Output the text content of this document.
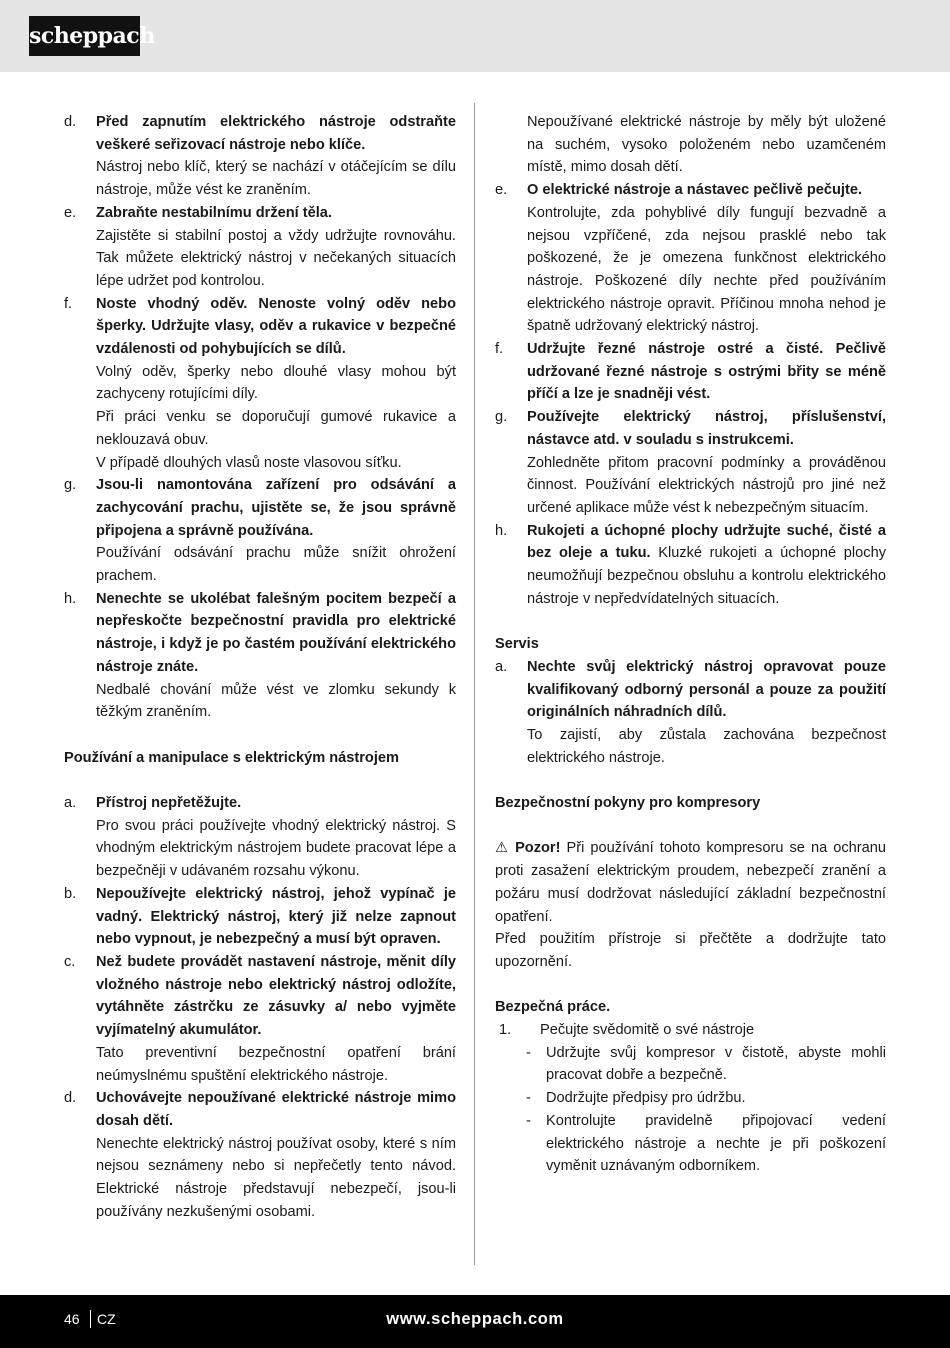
scheppach
d.	Před zapnutím elektrického nástroje odstraňte veškeré seřizovací nástroje nebo klíče.

Nástroj nebo klíč, který se nachází v otáčejícím se dílu nástroje, může vést ke zraněním.

e.	Zabraňte nestabilnímu držení těla.

Zajistěte si stabilní postoj a vždy udržujte rovnováhu. Tak můžete elektrický nástroj v nečekaných situacích lépe udržet pod kontrolou.

f.	Noste vhodný oděv. Nenoste volný oděv nebo šperky. Udržujte vlasy, oděv a rukavice v bezpečné vzdálenosti od pohybujících se dílů.

Volný oděv, šperky nebo dlouhé vlasy mohou být zachyceny rotujícími díly.

Při práci venku se doporučují gumové rukavice a neklouzavá obuv.

V případě dlouhých vlasů noste vlasovou síťku.

g.	Jsou-li namontována zařízení pro odsávání a zachycování prachu, ujistěte se, že jsou správně připojena a správně používána.

Používání odsávání prachu může snížit ohrožení prachem.

h.	Nenechte se ukolébat falešným pocitem bezpečí a nepřeskočte bezpečnostní pravidla pro elektrické nástroje, i když je po častém používání elektrického nástroje znáte.

Nedbalé chování může vést ve zlomku sekundy k těžkým zraněním.

Používání a manipulace s elektrickým nástrojem

a.	Přístroj nepřetěžujte.

Pro svou práci používejte vhodný elektrický nástroj. S vhodným elektrickým nástrojem budete pracovat lépe a bezpečněji v udávaném rozsahu výkonu.

b.	Nepoužívejte elektrický nástroj, jehož vypínač je vadný. Elektrický nástroj, který již nelze zapnout nebo vypnout, je nebezpečný a musí být opraven.

c.	Než budete provádět nastavení nástroje, měnit díly vložného nástroje nebo elektrický nástroj odložíte, vytáhněte zástrčku ze zásuvky a/ nebo vyjměte vyjímatelný akumulátor.

Tato preventivní bezpečnostní opatření brání neúmyslnému spuštění elektrického nástroje.

d.	Uchovávejte nepoužívané elektrické nástroje mimo dosah dětí.

Nenechte elektrický nástroj používat osoby, které s ním nejsou seznámeny nebo si nepřečetly tento návod. Elektrické nástroje představují nebezpečí, jsou-li používány nezkušenými osobami.

Nepoužívané elektrické nástroje by měly být uložené na suchém, vysoko položeném nebo uzamčeném místě, mimo dosah dětí.

e.	O elektrické nástroje a nástavec pečlivě pečujte.

Kontrolujte, zda pohyblivé díly fungují bezvadně a nejsou vzpříčené, zda nejsou prasklé nebo tak poškozené, že je omezena funkčnost elektrického nástroje. Poškozené díly nechte před používáním elektrického nástroje opravit. Příčinou mnoha nehod je špatně udržovaný elektrický nástroj.

f.	Udržujte řezné nástroje ostré a čisté. Pečlivě udržované řezné nástroje s ostrými břity se méně příčí a lze je snadněji vést.

g.	Používejte elektrický nástroj, příslušenství, nástavce atd. v souladu s instrukcemi.

Zohledněte přitom pracovní podmínky a prováděnou činnost. Používání elektrických nástrojů pro jiné než určené aplikace může vést k nebezpečným situacím.

h.	Rukojeti a úchopné plochy udržujte suché, čisté a bez oleje a tuku. Kluzké rukojeti a úchopné plochy neumožňují bezpečnou obsluhu a kontrolu elektrického nástroje v nepředvídatelných situacích.

Servis

a.	Nechte svůj elektrický nástroj opravovat pouze kvalifikovaný odborný personál a pouze za použití originálních náhradních dílů.

To zajistí, aby zůstala zachována bezpečnost elektrického nástroje.

Bezpečnostní pokyny pro kompresory

⚠ Pozor! Při používání tohoto kompresoru se na ochranu proti zasažení elektrickým proudem, nebezpečí zranění a požáru musí dodržovat následující základní bezpečnostní opatření.

Před použitím přístroje si přečtěte a dodržujte tato upozornění.

Bezpečná práce.

1.	Pečujte svědomitě o své nástroje
-	Udržujte svůj kompresor v čistotě, abyste mohli pracovat dobře a bezpečně.
-	Dodržujte předpisy pro údržbu.
-	Kontrolujte pravidelně připojovací vedení elektrického nástroje a nechte je při poškození vyměnit uznávaným odborníkem.
46 CZ	www.scheppach.com
